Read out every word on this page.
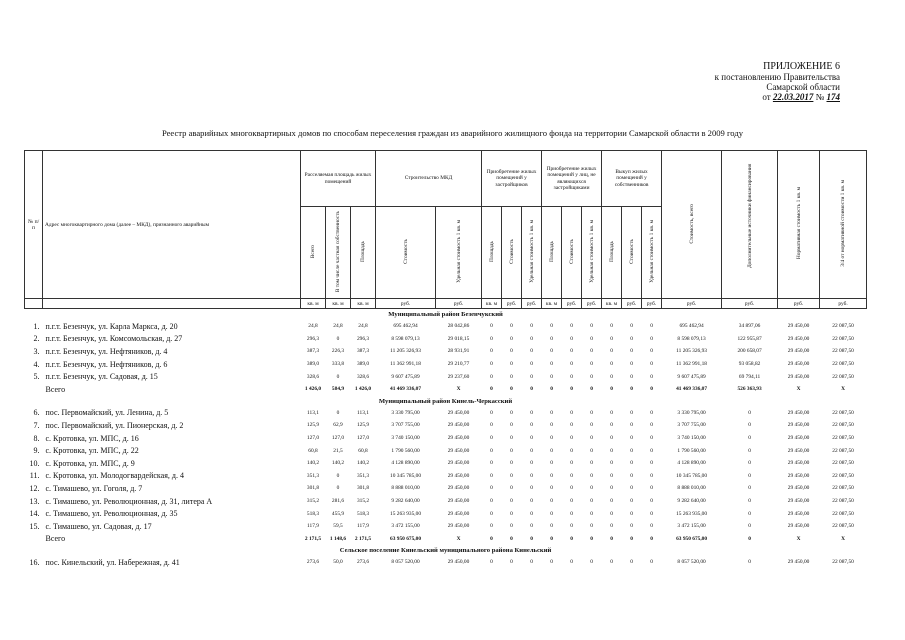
ПРИЛОЖЕНИЕ 6
к постановлению Правительства
Самарской области
от 22.03.2017 № 174
Реестр аварийных многоквартирных домов по способам переселения граждан из аварийного жилищного фонда на территории Самарской области в 2009 году
№ п/п	Адрес многоквартирного дома (далее – МКД), признанного аварийным	Расселяемая площадь жилых помещений			Строительство МКД		Приобретение жилых помещений у застройщиков			Приобретение жилых помещений у лиц, не являющихся застройщиками			Выкуп жилых помещений у собственников			Стоимость, всего	Дополнительные источники финансирования	Нормативная стоимость 1 кв. м	3/4 от нормативной стоимости 1 кв. м
		Всего	В том числе частная собственность	Площадь	Стоимость	Удельная стоимость 1 кв. м	Площадь	Стоимость	Удельная стоимость 1 кв. м	Площадь	Стоимость	Удельная стоимость 1 кв. м	Площадь	Стоимость	Удельная стоимость 1 кв. м				
		кв. м	кв. м	кв. м	руб.	руб.	кв. м	руб.	руб.	кв. м	руб.	руб.	кв. м	руб.	руб.	руб.	руб.	руб.	руб.
Муниципальный район Безенчукский																			
1.	п.г.т. Безенчук, ул. Карла Маркса, д. 20	24,8	24,8	24,8	695 462,94	28 042,86	0	0	0	0	0	0	0	0	0	695 462,94	34 897,06	29 450,00	22 087,50
2.	п.г.т. Безенчук, ул. Комсомольская, д. 27	296,3	0	296,3	8 598 079,13	29 018,15	0	0	0	0	0	0	0	0	0	8 598 079,13	122 955,87	29 450,00	22 087,50
3.	п.г.т. Безенчук, ул. Нефтяников, д. 4	387,3	226,3	387,3	11 205 326,93	28 931,91	0	0	0	0	0	0	0	0	0	11 205 326,93	200 658,07	29 450,00	22 087,50
4.	п.г.т. Безенчук, ул. Нефтяников, д. 6	389,0	333,8	389,0	11 362 991,18	29 210,77	0	0	0	0	0	0	0	0	0	11 362 991,18	93 058,82	29 450,00	22 087,50
5.	п.г.т. Безенчук, ул. Садовая, д. 15	328,6	0	328,6	9 607 475,89	29 237,60	0	0	0	0	0	0	0	0	0	9 607 475,89	69 794,11	29 450,00	22 087,50
	Всего	1 426,0	584,9	1 426,0	41 469 336,07	X	0	0	0	0	0	0	0	0	0	41 469 336,07	526 363,93	X	X
Муниципальный район Кинель-Черкасский																			
6.	пос. Первомайский, ул. Ленина, д. 5	113,1	0	113,1	3 330 795,00	29 450,00	0	0	0	0	0	0	0	0	0	3 330 795,00	0	29 450,00	22 087,50
7.	пос. Первомайский, ул. Пионерская, д. 2	125,9	62,9	125,9	3 707 755,00	29 450,00	0	0	0	0	0	0	0	0	0	3 707 755,00	0	29 450,00	22 087,50
8.	с. Кротовка, ул. МПС, д. 16	127,0	127,0	127,0	3 740 150,00	29 450,00	0	0	0	0	0	0	0	0	0	3 740 150,00	0	29 450,00	22 087,50
9.	с. Кротовка, ул. МПС, д. 22	60,8	21,5	60,8	1 790 560,00	29 450,00	0	0	0	0	0	0	0	0	0	1 790 560,00	0	29 450,00	22 087,50
10.	с. Кротовка, ул. МПС, д. 9	140,2	140,2	140,2	4 128 890,00	29 450,00	0	0	0	0	0	0	0	0	0	4 128 890,00	0	29 450,00	22 087,50
11.	с. Кротовка, ул. Молодогвардейская, д. 4	351,3	0	351,3	10 345 785,00	29 450,00	0	0	0	0	0	0	0	0	0	10 345 785,00	0	29 450,00	22 087,50
12.	с. Тимашево, ул. Гоголя, д. 7	301,8	0	301,8	8 888 010,00	29 450,00	0	0	0	0	0	0	0	0	0	8 888 010,00	0	29 450,00	22 087,50
13.	с. Тимашево, ул. Революционная, д. 31, литера А	315,2	281,6	315,2	9 282 640,00	29 450,00	0	0	0	0	0	0	0	0	0	9 282 640,00	0	29 450,00	22 087,50
14.	с. Тимашево, ул. Революционная, д. 35	518,3	455,9	518,3	15 263 935,00	29 450,00	0	0	0	0	0	0	0	0	0	15 263 935,00	0	29 450,00	22 087,50
15.	с. Тимашево, ул. Садовая, д. 17	117,9	59,5	117,9	3 472 155,00	29 450,00	0	0	0	0	0	0	0	0	0	3 472 155,00	0	29 450,00	22 087,50
	Всего	2 171,5	1 148,6	2 171,5	63 950 675,00	X	0	0	0	0	0	0	0	0	0	63 950 675,00	0	X	X
Сельское поселение Кинельский муниципального района Кинельский																			
16.	пос. Кинельский, ул. Набережная, д. 41	273,6	50,0	273,6	8 057 520,00	29 450,00	0	0	0	0	0	0	0	0	0	8 057 520,00	0	29 450,00	22 087,50
